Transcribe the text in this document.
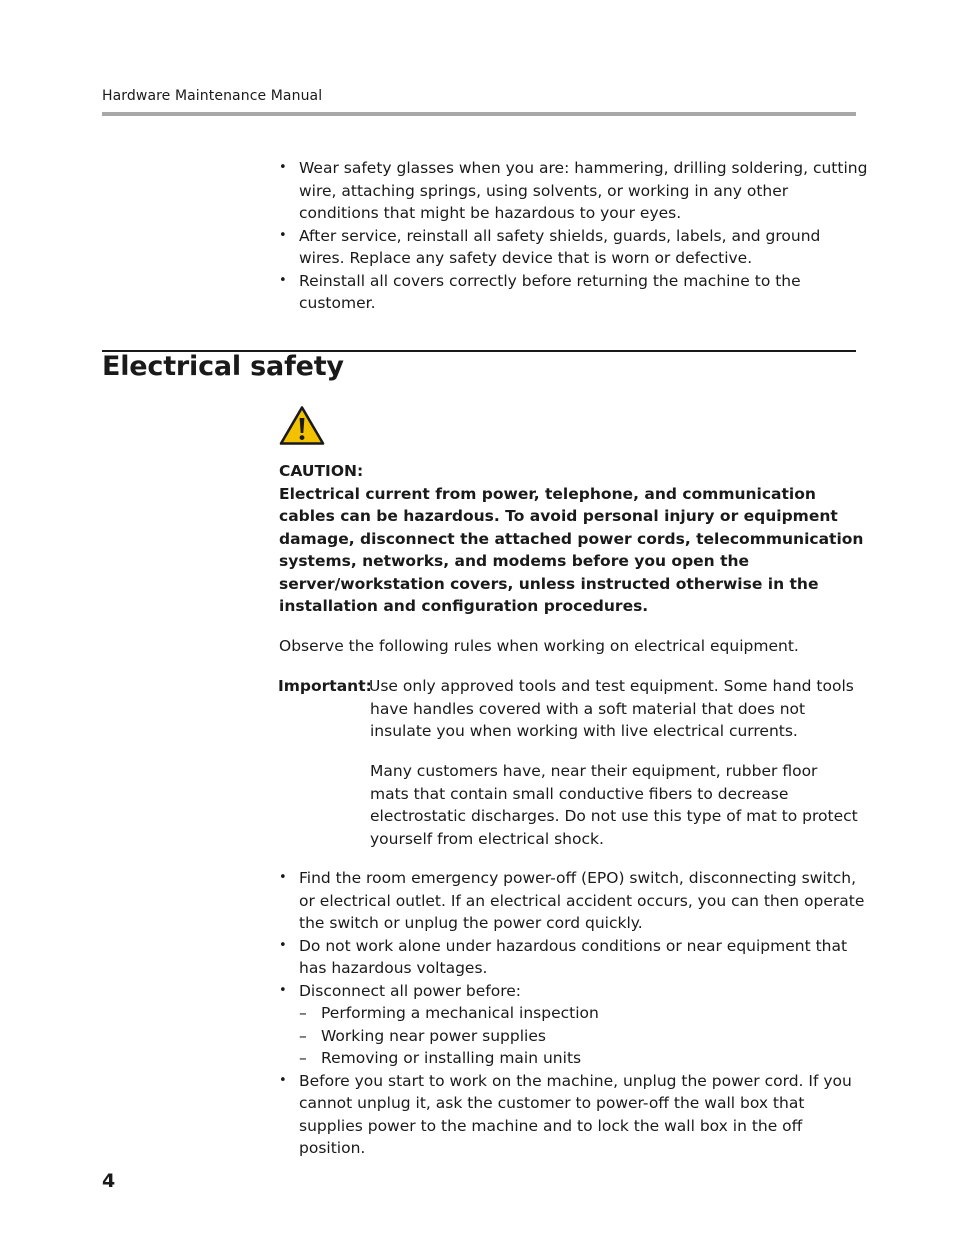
Hardware Maintenance Manual
• Wear safety glasses when you are: hammering, drilling soldering, cutting wire, attaching springs, using solvents, or working in any other conditions that might be hazardous to your eyes.
• After service, reinstall all safety shields, guards, labels, and ground wires. Replace any safety device that is worn or defective.
• Reinstall all covers correctly before returning the machine to the customer.
Electrical safety
CAUTION:
Electrical current from power, telephone, and communication cables can be hazardous. To avoid personal injury or equipment damage, disconnect the attached power cords, telecommunication systems, networks, and modems before you open the server/workstation covers, unless instructed otherwise in the installation and configuration procedures.

Observe the following rules when working on electrical equipment.

Important:
Use only approved tools and test equipment. Some hand tools have handles covered with a soft material that does not insulate you when working with live electrical currents.

Many customers have, near their equipment, rubber floor mats that contain small conductive fibers to decrease electrostatic discharges. Do not use this type of mat to protect yourself from electrical shock.

• Find the room emergency power-off (EPO) switch, disconnecting switch, or electrical outlet. If an electrical accident occurs, you can then operate the switch or unplug the power cord quickly.
• Do not work alone under hazardous conditions or near equipment that has hazardous voltages.
• Disconnect all power before:
– Performing a mechanical inspection
– Working near power supplies
– Removing or installing main units
• Before you start to work on the machine, unplug the power cord. If you cannot unplug it, ask the customer to power-off the wall box that supplies power to the machine and to lock the wall box in the off position.
4
